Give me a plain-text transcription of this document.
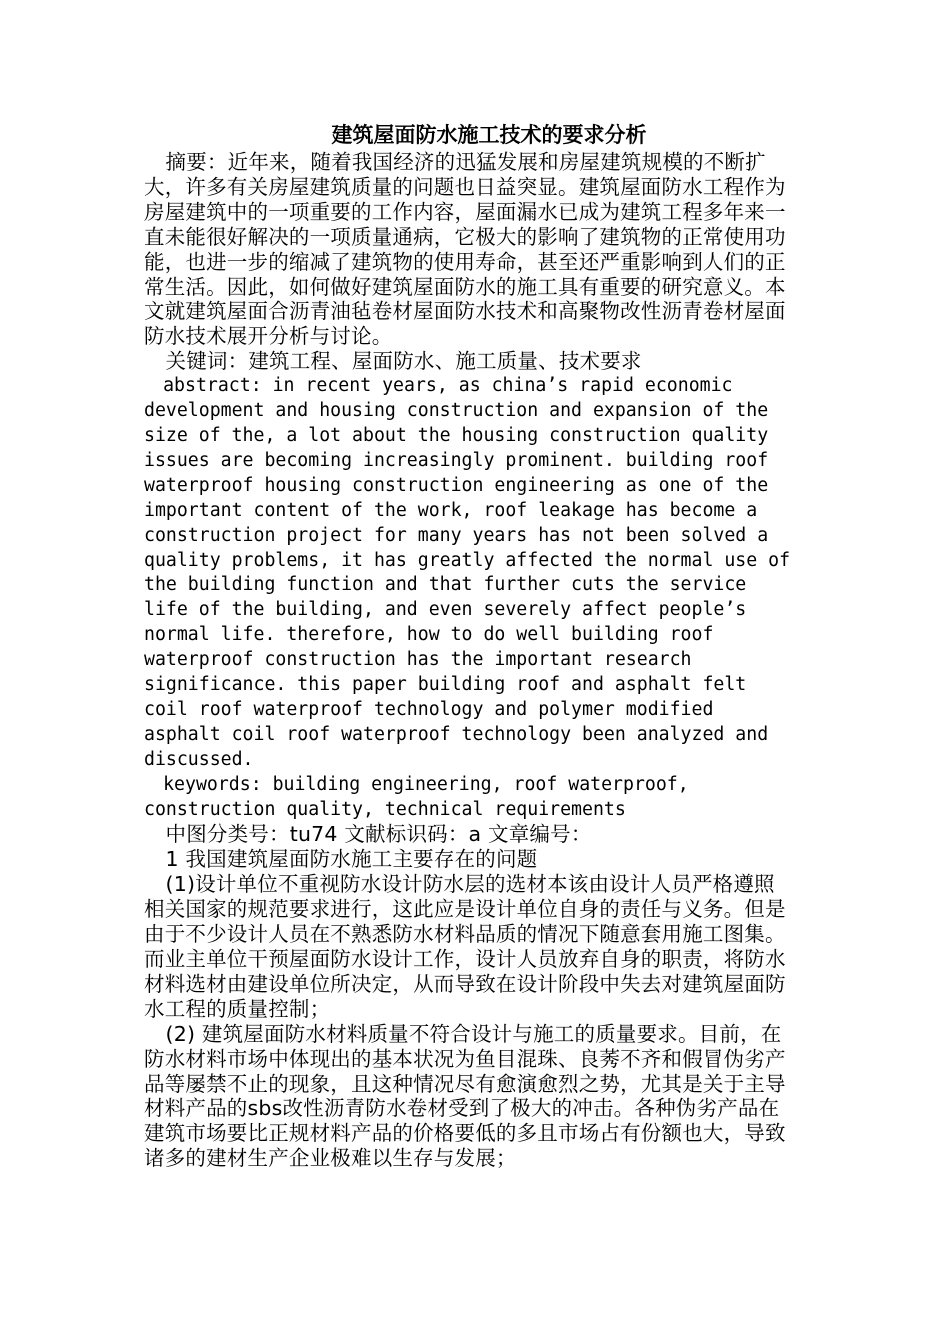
建筑屋面防水施工技术的要求分析

摘要：近年来，随着我国经济的迅猛发展和房屋建筑规模的不断扩大，许多有关房屋建筑质量的问题也日益突显。建筑屋面防水工程作为房屋建筑中的一项重要的工作内容，屋面漏水已成为建筑工程多年来一直未能很好解决的一项质量通病，它极大的影响了建筑物的正常使用功能，也进一步的缩减了建筑物的使用寿命，甚至还严重影响到人们的正常生活。因此，如何做好建筑屋面防水的施工具有重要的研究意义。本文就建筑屋面合沥青油毡卷材屋面防水技术和高聚物改性沥青卷材屋面防水技术展开分析与讨论。

关键词：建筑工程、屋面防水、施工质量、技术要求

abstract: in recent years, as china’s rapid economic development and housing construction and expansion of the size of the, a lot about the housing construction quality issues are becoming increasingly prominent. building roof waterproof housing construction engineering as one of the important content of the work, roof leakage has become a construction project for many years has not been solved a quality problems, it has greatly affected the normal use of the building function and that further cuts the service life of the building, and even severely affect people’s normal life. therefore, how to do well building roof waterproof construction has the important research significance. this paper building roof and asphalt felt coil roof waterproof technology and polymer modified asphalt coil roof waterproof technology been analyzed and discussed.

keywords: building engineering, roof waterproof, construction quality, technical requirements

中图分类号：tu74 文献标识码：a 文章编号：

1 我国建筑屋面防水施工主要存在的问题

(1)设计单位不重视防水设计防水层的选材本该由设计人员严格遵照相关国家的规范要求进行，这此应是设计单位自身的责任与义务。但是由于不少设计人员在不熟悉防水材料品质的情况下随意套用施工图集。而业主单位干预屋面防水设计工作，设计人员放弃自身的职责，将防水材料选材由建设单位所决定，从而导致在设计阶段中失去对建筑屋面防水工程的质量控制；

(2) 建筑屋面防水材料质量不符合设计与施工的质量要求。目前，在防水材料市场中体现出的基本状况为鱼目混珠、良莠不齐和假冒伪劣产品等屡禁不止的现象，且这种情况尽有愈演愈烈之势，尤其是关于主导材料产品的sbs改性沥青防水卷材受到了极大的冲击。各种伪劣产品在建筑市场要比正规材料产品的价格要低的多且市场占有份额也大，导致诸多的建材生产企业极难以生存与发展；
